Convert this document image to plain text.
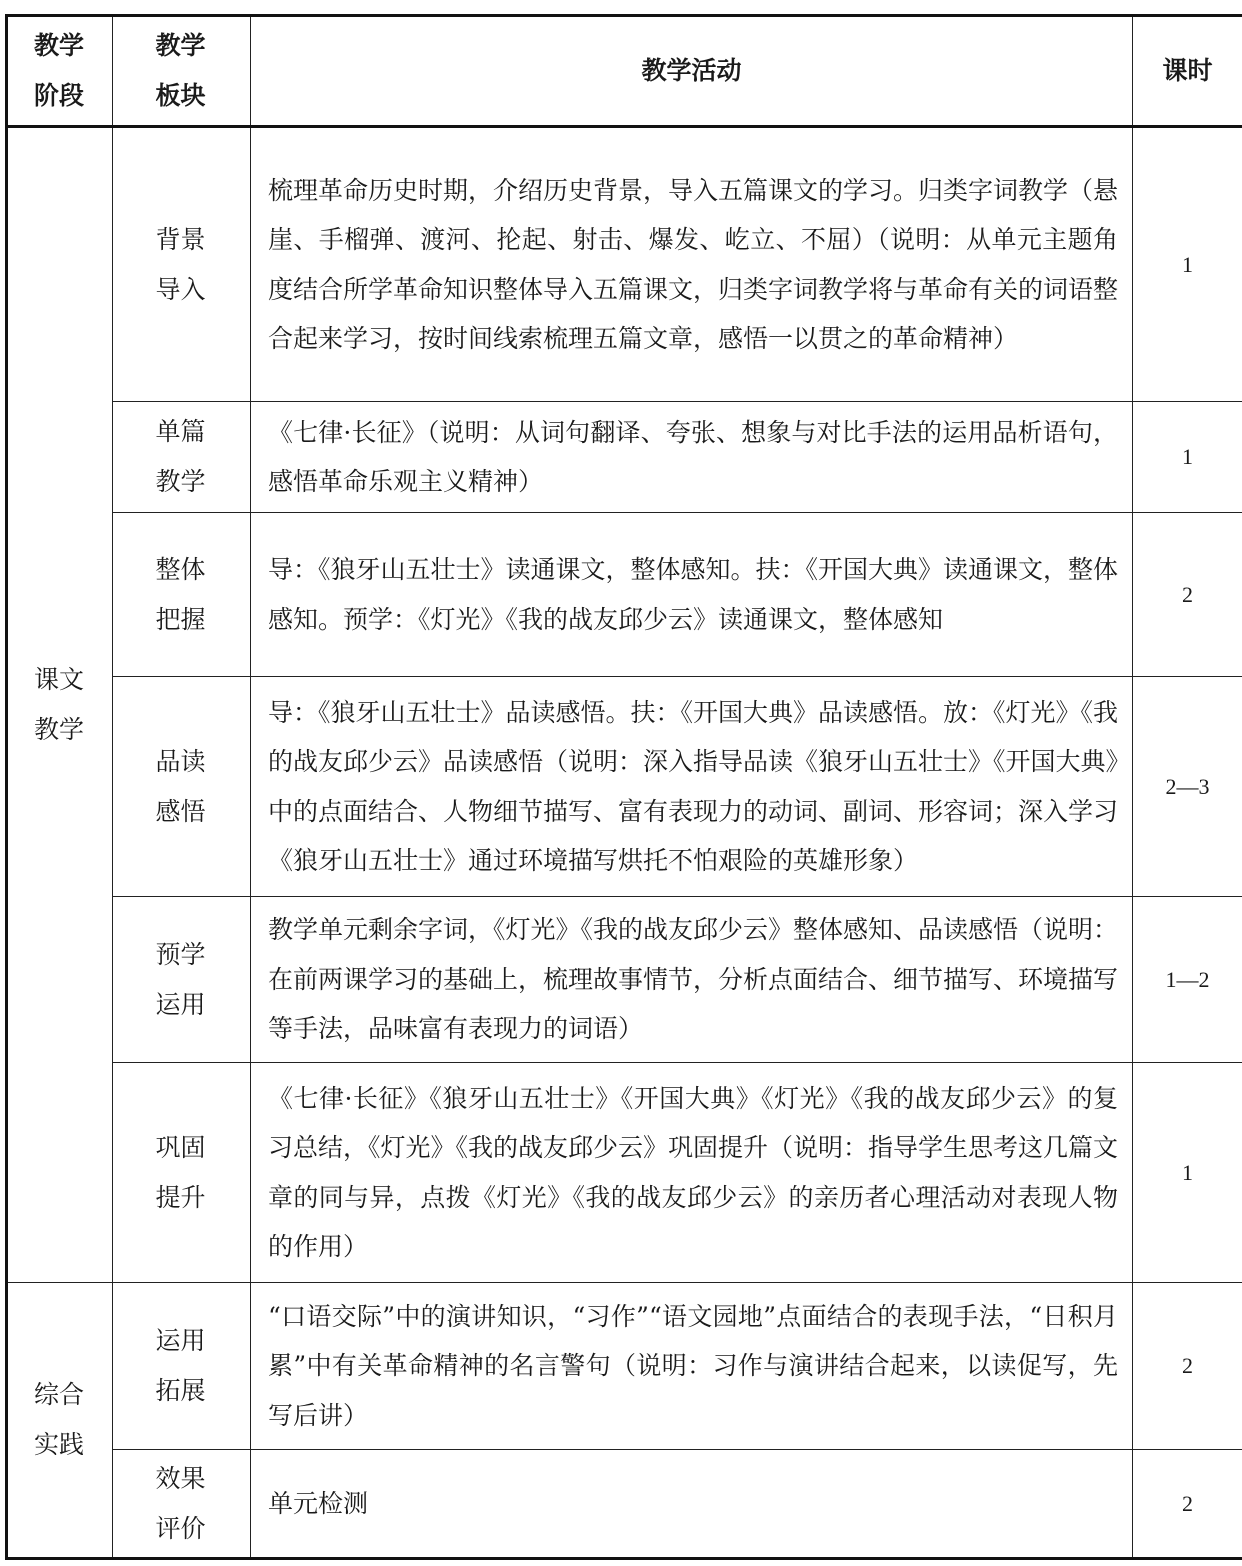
教学阶段	教学板块	教学活动	课时
课文教学	背景导入	梳理革命历史时期，介绍历史背景，导入五篇课文的学习。归类字词教学（悬崖、手榴弹、渡河、抡起、射击、爆发、屹立、不屈）（说明：从单元主题角度结合所学革命知识整体导入五篇课文，归类字词教学将与革命有关的词语整合起来学习，按时间线索梳理五篇文章，感悟一以贯之的革命精神）	1
	单篇教学	《七律·长征》（说明：从词句翻译、夸张、想象与对比手法的运用品析语句，感悟革命乐观主义精神）	1
	整体把握	导：《狼牙山五壮士》读通课文，整体感知。扶：《开国大典》读通课文，整体感知。预学：《灯光》《我的战友邱少云》读通课文，整体感知	2
	品读感悟	导：《狼牙山五壮士》品读感悟。扶：《开国大典》品读感悟。放：《灯光》《我的战友邱少云》品读感悟（说明：深入指导品读《狼牙山五壮士》《开国大典》中的点面结合、人物细节描写、富有表现力的动词、副词、形容词；深入学习《狼牙山五壮士》通过环境描写烘托不怕艰险的英雄形象）	2—3
	预学运用	教学单元剩余字词，《灯光》《我的战友邱少云》整体感知、品读感悟（说明：在前两课学习的基础上，梳理故事情节，分析点面结合、细节描写、环境描写等手法，品味富有表现力的词语）	1—2
	巩固提升	《七律·长征》《狼牙山五壮士》《开国大典》《灯光》《我的战友邱少云》的复习总结，《灯光》《我的战友邱少云》巩固提升（说明：指导学生思考这几篇文章的同与异，点拨《灯光》《我的战友邱少云》的亲历者心理活动对表现人物的作用）	1
综合实践	运用拓展	“口语交际”中的演讲知识，“习作”“语文园地”点面结合的表现手法，“日积月累”中有关革命精神的名言警句（说明：习作与演讲结合起来，以读促写，先写后讲）	2
	效果评价	单元检测	2
